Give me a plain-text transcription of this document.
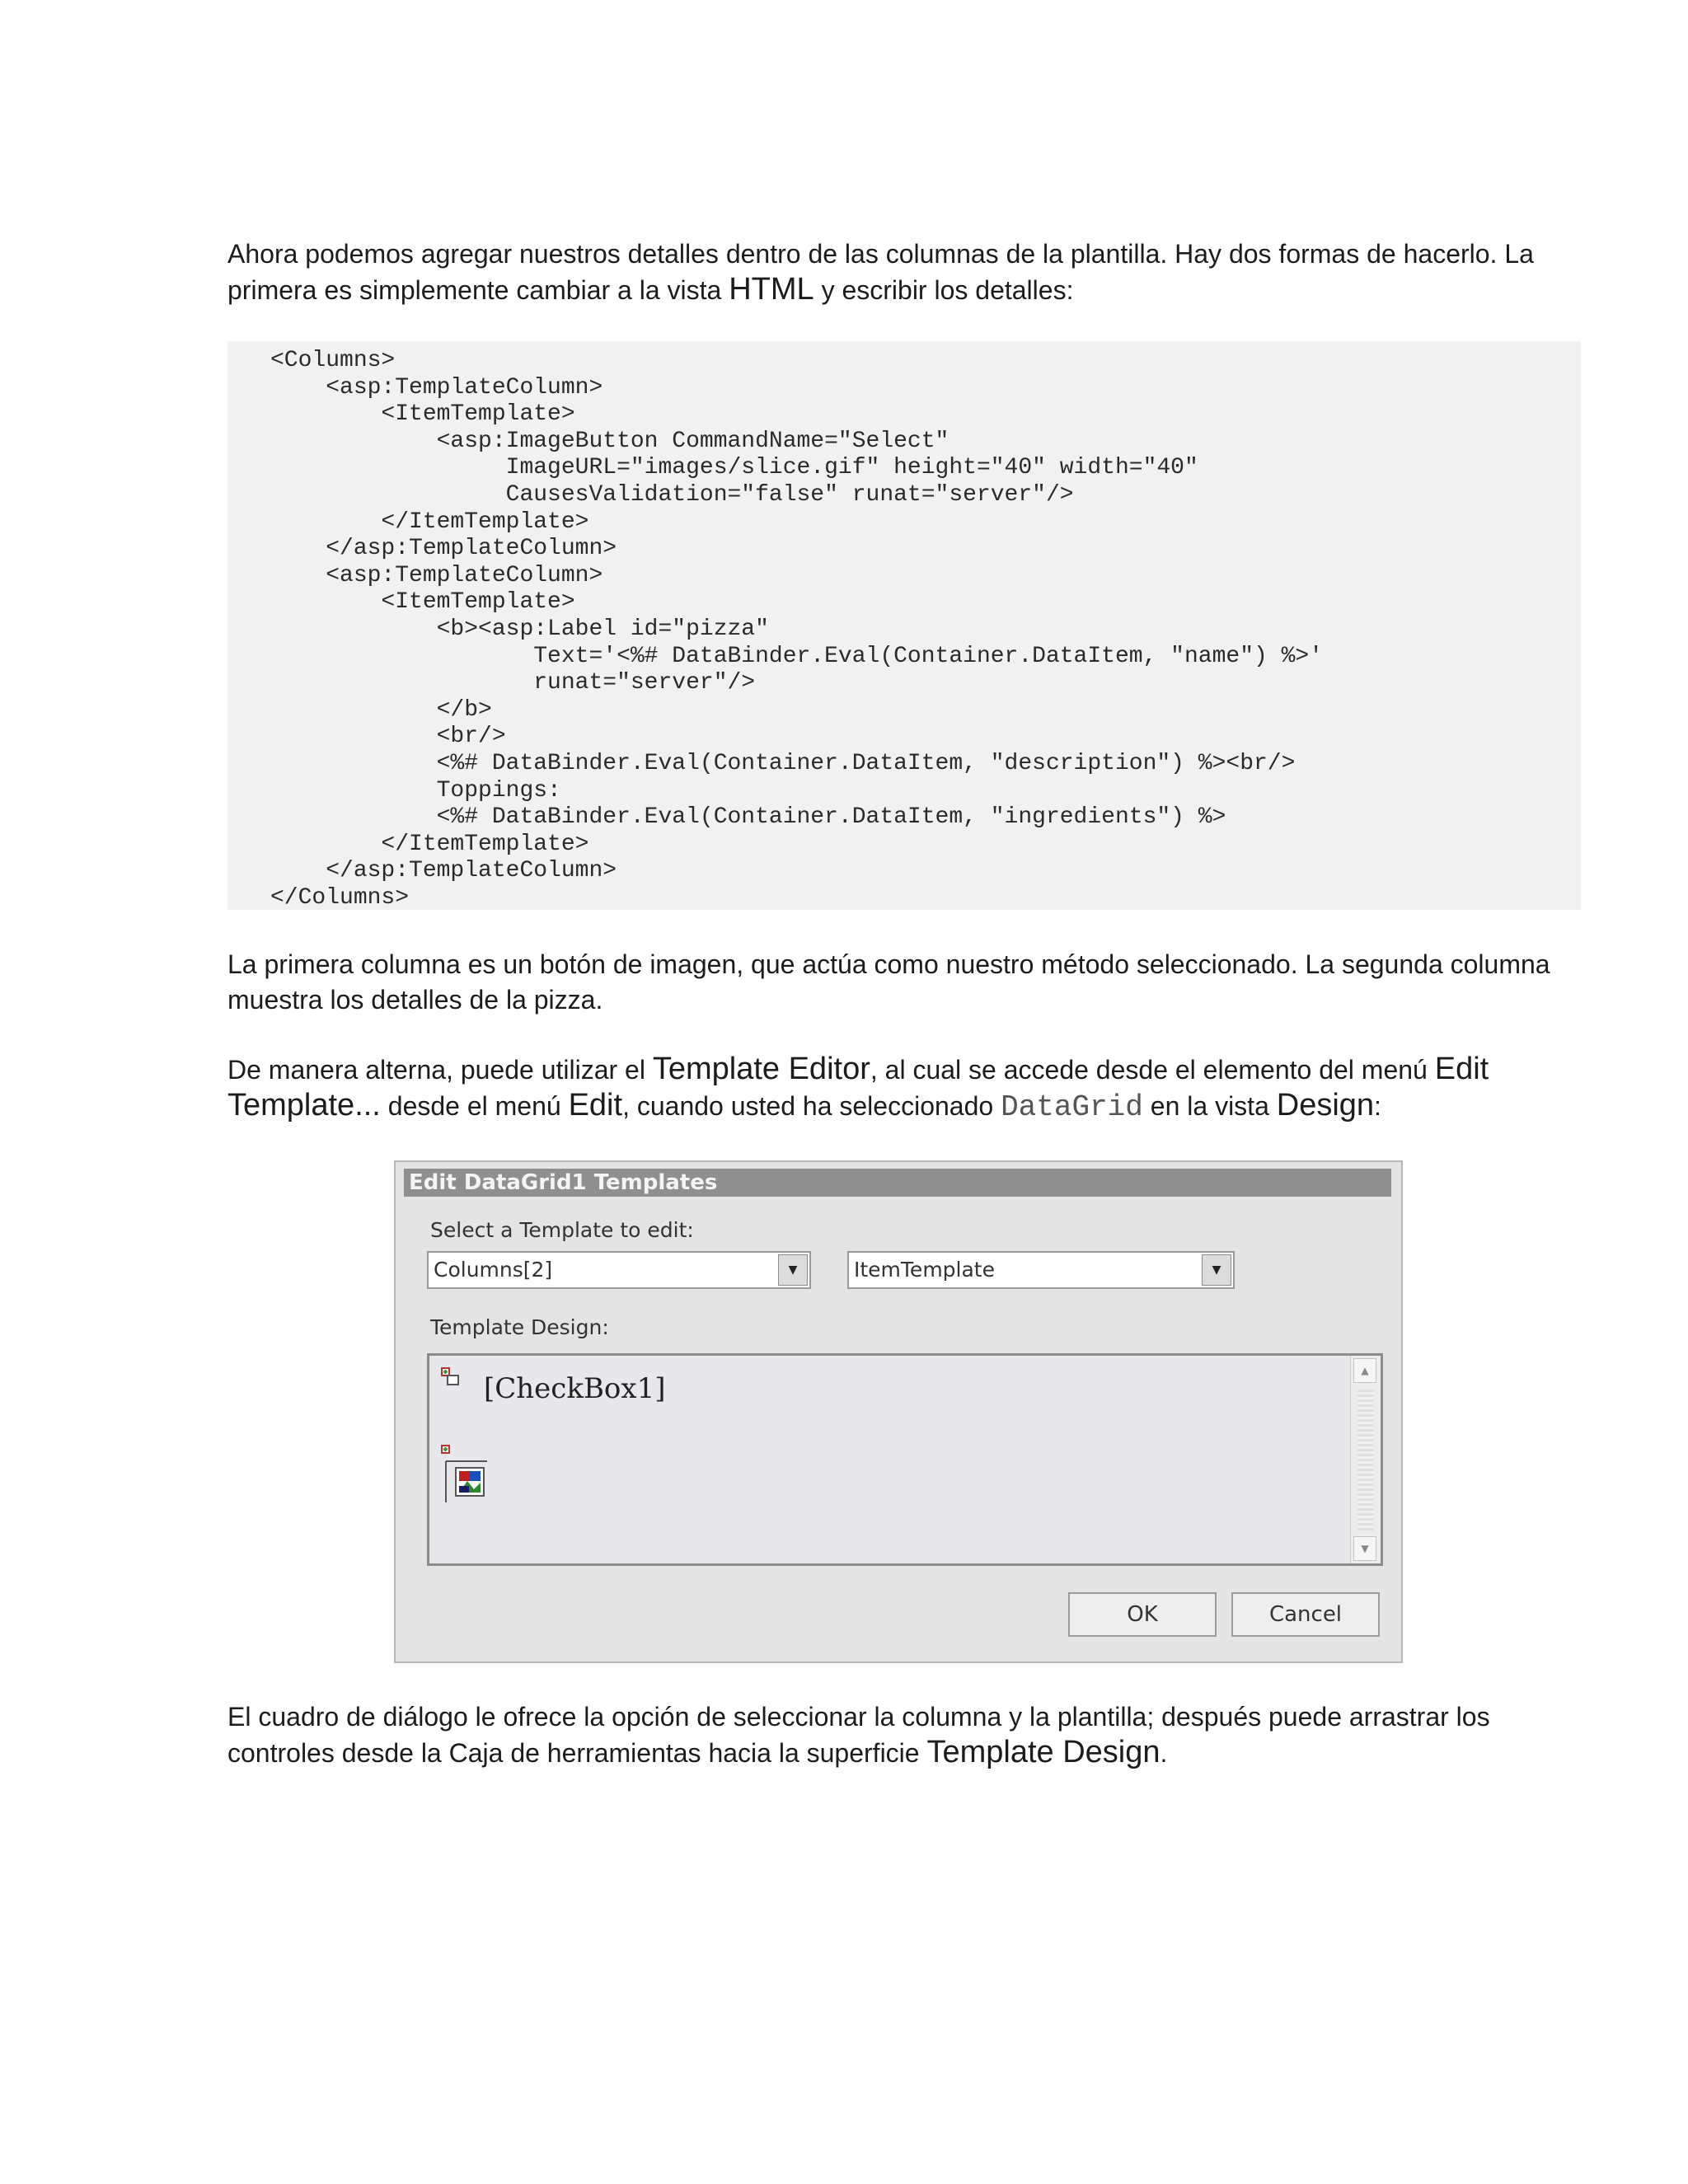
Ahora podemos agregar nuestros detalles dentro de las columnas de la plantilla. Hay dos formas de hacerlo. La primera es simplemente cambiar a la vista HTML y escribir los detalles:

<Columns>
<asp:TemplateColumn>
<ItemTemplate>
<asp:ImageButton CommandName="Select"
ImageURL="images/slice.gif" height="40" width="40"
CausesValidation="false" runat="server"/>
</ItemTemplate>
</asp:TemplateColumn>
<asp:TemplateColumn>
<ItemTemplate>
<b><asp:Label id="pizza"
Text='<%# DataBinder.Eval(Container.DataItem, "name") %>'
runat="server"/>
</b>
<br/>
<%# DataBinder.Eval(Container.DataItem, "description") %><br/>
Toppings:
<%# DataBinder.Eval(Container.DataItem, "ingredients") %>
</ItemTemplate>
</asp:TemplateColumn>
</Columns>

La primera columna es un botón de imagen, que actúa como nuestro método seleccionado. La segunda columna muestra los detalles de la pizza.

De manera alterna, puede utilizar el Template Editor, al cual se accede desde el elemento del menú Edit Template... desde el menú Edit, cuando usted ha seleccionado DataGrid en la vista Design:

Edit DataGrid1 Templates
Select a Template to edit:
Columns[2]	▼	ItemTemplate	▼
Template Design:
[CheckBox1]
▲
▼
OK	Cancel

El cuadro de diálogo le ofrece la opción de seleccionar la columna y la plantilla; después puede arrastrar los controles desde la Caja de herramientas hacia la superficie Template Design.
